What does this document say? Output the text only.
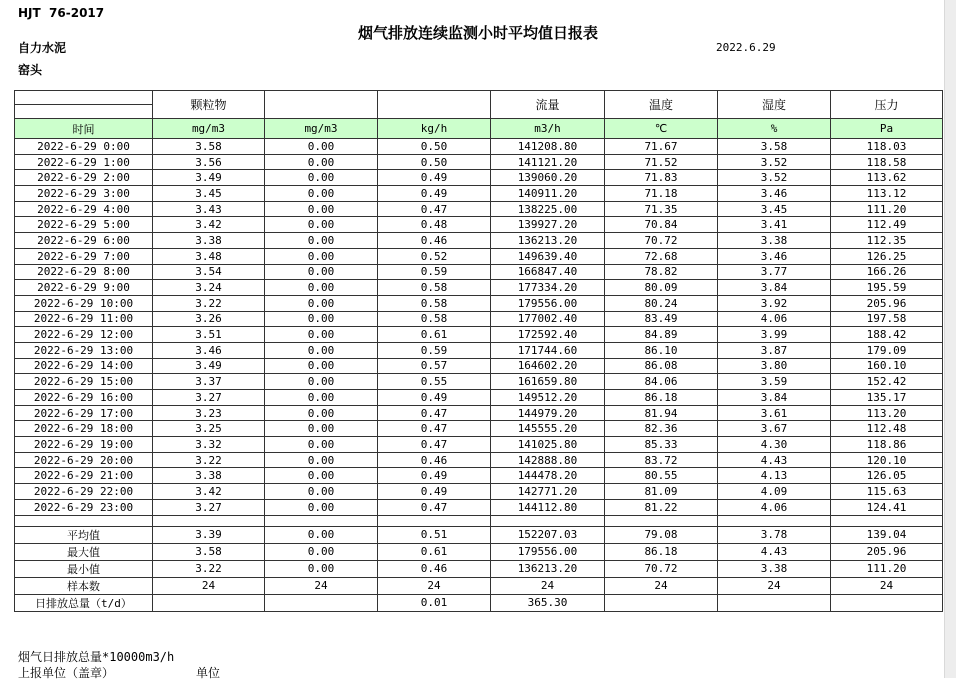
HJT  76-2017
烟气排放连续监测小时平均值日报表
自力水泥
窑头
2022.6.29
	颗粒物			流量	温度	湿度	压力

时间	mg/m3	mg/m3	kg/h	m3/h	℃	%	Pa
2022-6-29 0:00	3.58	0.00	0.50	141208.80	71.67	3.58	118.03
2022-6-29 1:00	3.56	0.00	0.50	141121.20	71.52	3.52	118.58
2022-6-29 2:00	3.49	0.00	0.49	139060.20	71.83	3.52	113.62
2022-6-29 3:00	3.45	0.00	0.49	140911.20	71.18	3.46	113.12
2022-6-29 4:00	3.43	0.00	0.47	138225.00	71.35	3.45	111.20
2022-6-29 5:00	3.42	0.00	0.48	139927.20	70.84	3.41	112.49
2022-6-29 6:00	3.38	0.00	0.46	136213.20	70.72	3.38	112.35
2022-6-29 7:00	3.48	0.00	0.52	149639.40	72.68	3.46	126.25
2022-6-29 8:00	3.54	0.00	0.59	166847.40	78.82	3.77	166.26
2022-6-29 9:00	3.24	0.00	0.58	177334.20	80.09	3.84	195.59
2022-6-29 10:00	3.22	0.00	0.58	179556.00	80.24	3.92	205.96
2022-6-29 11:00	3.26	0.00	0.58	177002.40	83.49	4.06	197.58
2022-6-29 12:00	3.51	0.00	0.61	172592.40	84.89	3.99	188.42
2022-6-29 13:00	3.46	0.00	0.59	171744.60	86.10	3.87	179.09
2022-6-29 14:00	3.49	0.00	0.57	164602.20	86.08	3.80	160.10
2022-6-29 15:00	3.37	0.00	0.55	161659.80	84.06	3.59	152.42
2022-6-29 16:00	3.27	0.00	0.49	149512.20	86.18	3.84	135.17
2022-6-29 17:00	3.23	0.00	0.47	144979.20	81.94	3.61	113.20
2022-6-29 18:00	3.25	0.00	0.47	145555.20	82.36	3.67	112.48
2022-6-29 19:00	3.32	0.00	0.47	141025.80	85.33	4.30	118.86
2022-6-29 20:00	3.22	0.00	0.46	142888.80	83.72	4.43	120.10
2022-6-29 21:00	3.38	0.00	0.49	144478.20	80.55	4.13	126.05
2022-6-29 22:00	3.42	0.00	0.49	142771.20	81.09	4.09	115.63
2022-6-29 23:00	3.27	0.00	0.47	144112.80	81.22	4.06	124.41

平均值	3.39	0.00	0.51	152207.03	79.08	3.78	139.04
最大值	3.58	0.00	0.61	179556.00	86.18	4.43	205.96
最小值	3.22	0.00	0.46	136213.20	70.72	3.38	111.20
样本数	24	24	24	24	24	24	24
日排放总量（t/d）			0.01	365.30			
烟气日排放总量*10000m3/h
上报单位（盖章）	单位
